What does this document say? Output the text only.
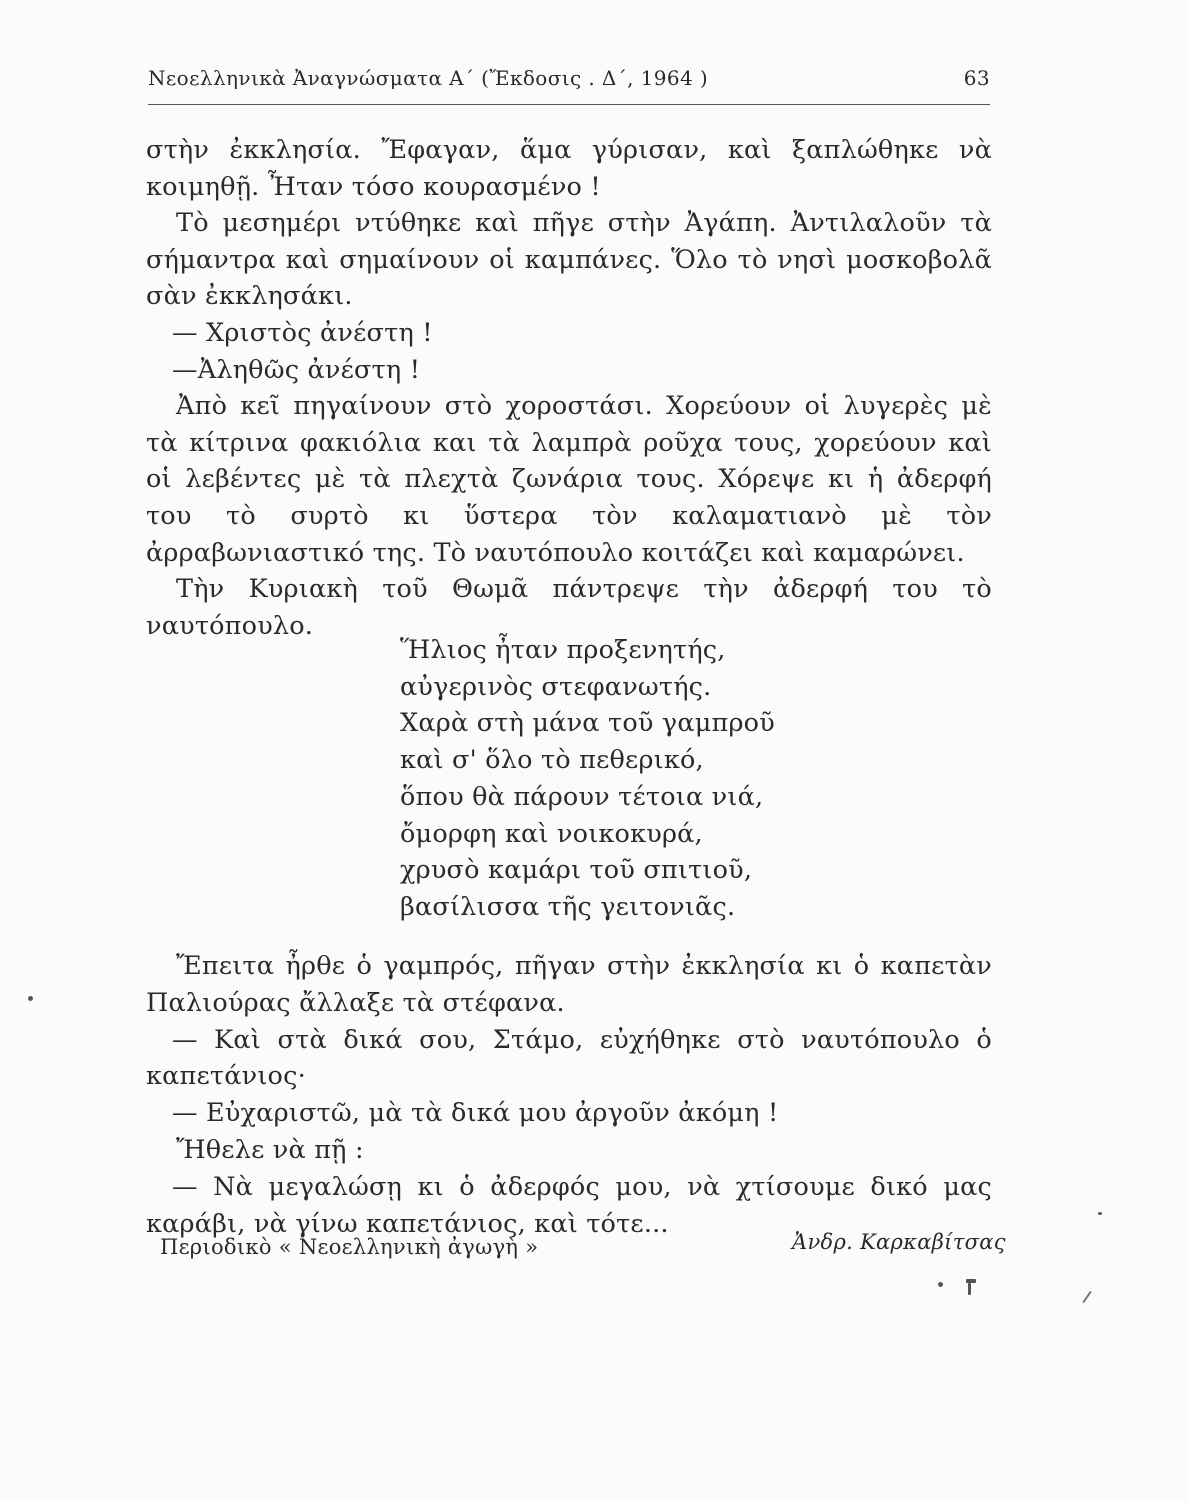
Νεοελληνικὰ Ἀναγνώσματα Α΄ (Ἔκδοσις . Δ΄, 1964 )	63

στὴν ἐκκλησία. Ἔφαγαν, ἅμα γύρισαν, καὶ ξαπλώθηκε νὰ κοιμηθῇ. Ἦταν τόσο κουρασμένο !

Τὸ μεσημέρι ντύθηκε καὶ πῆγε στὴν Ἀγάπη. Ἀντιλαλοῦν τὰ σήμαντρα καὶ σημαίνουν οἱ καμπάνες. Ὅλο τὸ νησὶ μοσκοβολᾶ σὰν ἐκκλησάκι.

— Χριστὸς ἀνέστη !

—Ἀληθῶς ἀνέστη !

Ἀπὸ κεῖ πηγαίνουν στὸ χοροστάσι. Χορεύουν οἱ λυγερὲς μὲ τὰ κίτρινα φακιόλια και τὰ λαμπρὰ ροῦχα τους, χορεύουν καὶ οἱ λεβέντες μὲ τὰ πλεχτὰ ζωνάρια τους. Χόρεψε κι ἡ ἀδερφή του τὸ συρτὸ κι ὕστερα τὸν καλαματιανὸ μὲ τὸν ἀρραβωνιαστικό της. Τὸ ναυτόπουλο κοιτάζει καὶ καμαρώνει.

Τὴν Κυριακὴ τοῦ Θωμᾶ πάντρεψε τὴν ἀδερφή του τὸ ναυτόπουλο.

Ἥλιος ἦταν προξενητής,
αὐγερινὸς στεφανωτής.
Χαρὰ στὴ μάνα τοῦ γαμπροῦ
καὶ σ' ὅλο τὸ πεθερικό,
ὅπου θὰ πάρουν τέτοια νιά,
ὄμορφη καὶ νοικοκυρά,
χρυσὸ καμάρι τοῦ σπιτιοῦ,
βασίλισσα τῆς γειτονιᾶς.

Ἔπειτα ἦρθε ὁ γαμπρός, πῆγαν στὴν ἐκκλησία κι ὁ καπετὰν Παλιούρας ἄλλαξε τὰ στέφανα.

— Καὶ στὰ δικά σου, Στάμο, εὐχήθηκε στὸ ναυτόπουλο ὁ καπετάνιος·

— Εὐχαριστῶ, μὰ τὰ δικά μου ἀργοῦν ἀκόμη !

Ἤθελε νὰ πῇ :

— Νὰ μεγαλώσῃ κι ὁ ἀδερφός μου, νὰ χτίσουμε δικό μας καράβι, νὰ γίνω καπετάνιος, καὶ τότε...

Περιοδικὸ « Νεοελληνικὴ ἀγωγὴ »	Ἀνδρ. Καρκαβίτσας
